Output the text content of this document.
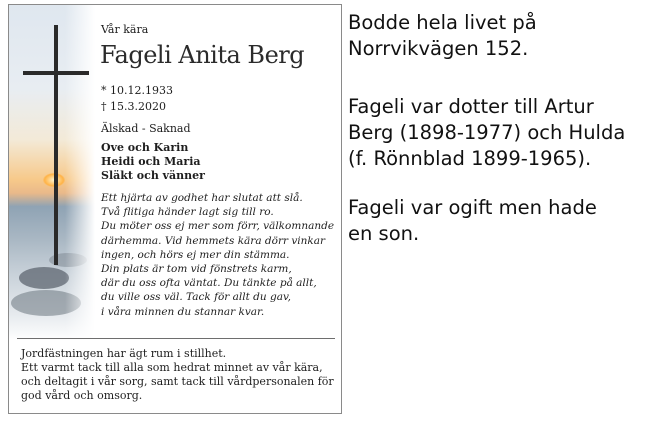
Vår kära
Fageli Anita Berg
* 10.12.1933
† 15.3.2020
Älskad - Saknad
Ove och Karin
Heidi och Maria
Släkt och vänner
Ett hjärta av godhet har slutat att slå.
Två flitiga händer lagt sig till ro.
Du möter oss ej mer som förr, välkomnande
därhemma. Vid hemmets kära dörr vinkar
ingen, och hörs ej mer din stämma.
Din plats är tom vid fönstrets karm,
där du oss ofta väntat. Du tänkte på allt,
du ville oss väl. Tack för allt du gav,
i våra minnen du stannar kvar.
Jordfästningen har ägt rum i stillhet.
Ett varmt tack till alla som hedrat minnet av vår kära,
och deltagit i vår sorg, samt tack till vårdpersonalen för
god vård och omsorg.
Bodde hela livet på
Norrvikvägen 152.
Fageli var dotter till Artur
Berg (1898-1977) och Hulda
(f. Rönnblad 1899-1965).
Fageli var ogift men hade
en son.
